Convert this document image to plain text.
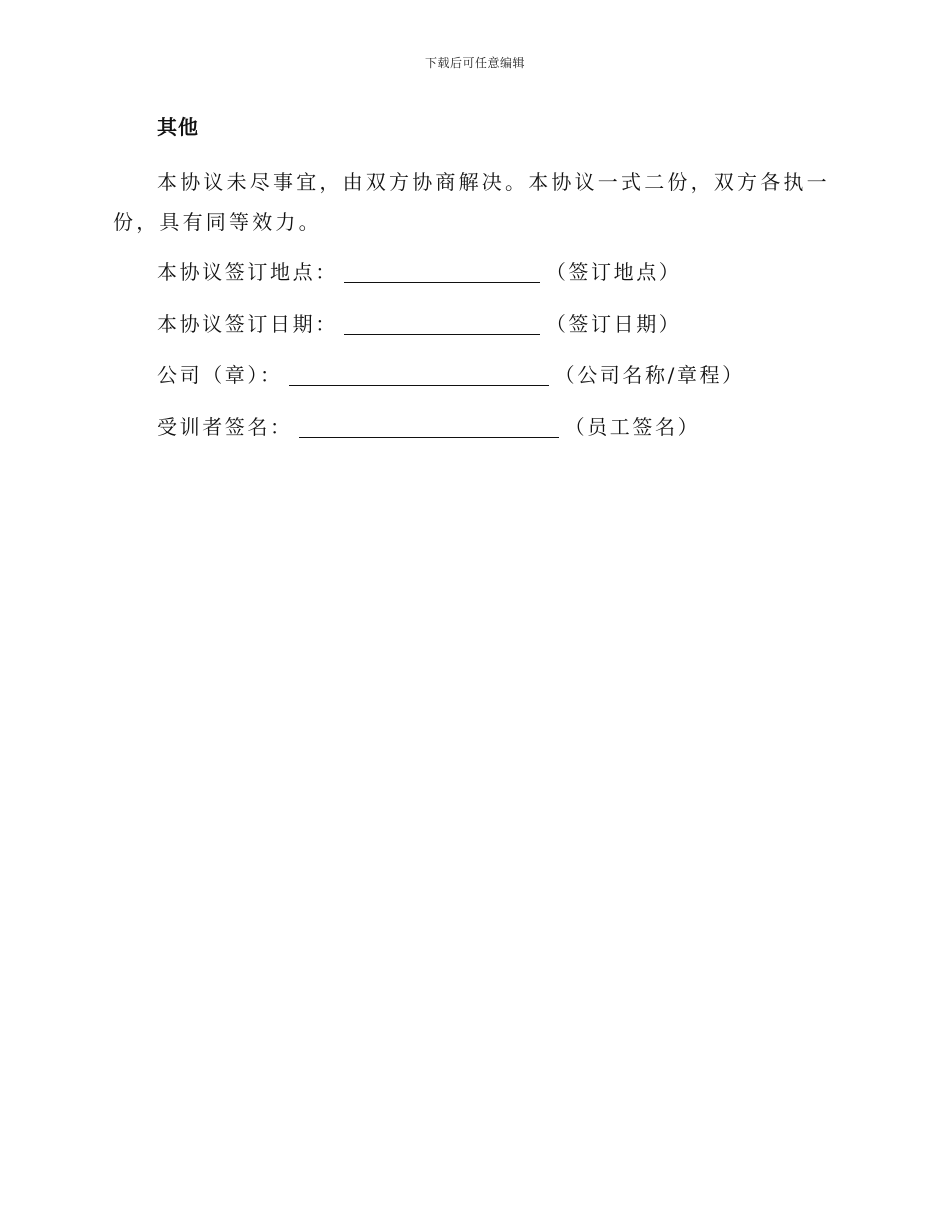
下载后可任意编辑
其他
本协议未尽事宜，由双方协商解决。本协议一式二份，双方各执一份，具有同等效力。
本协议签订地点：	（签订地点）
本协议签订日期：	（签订日期）
公司（章）：	（公司名称/章程）
受训者签名：	（员工签名）
